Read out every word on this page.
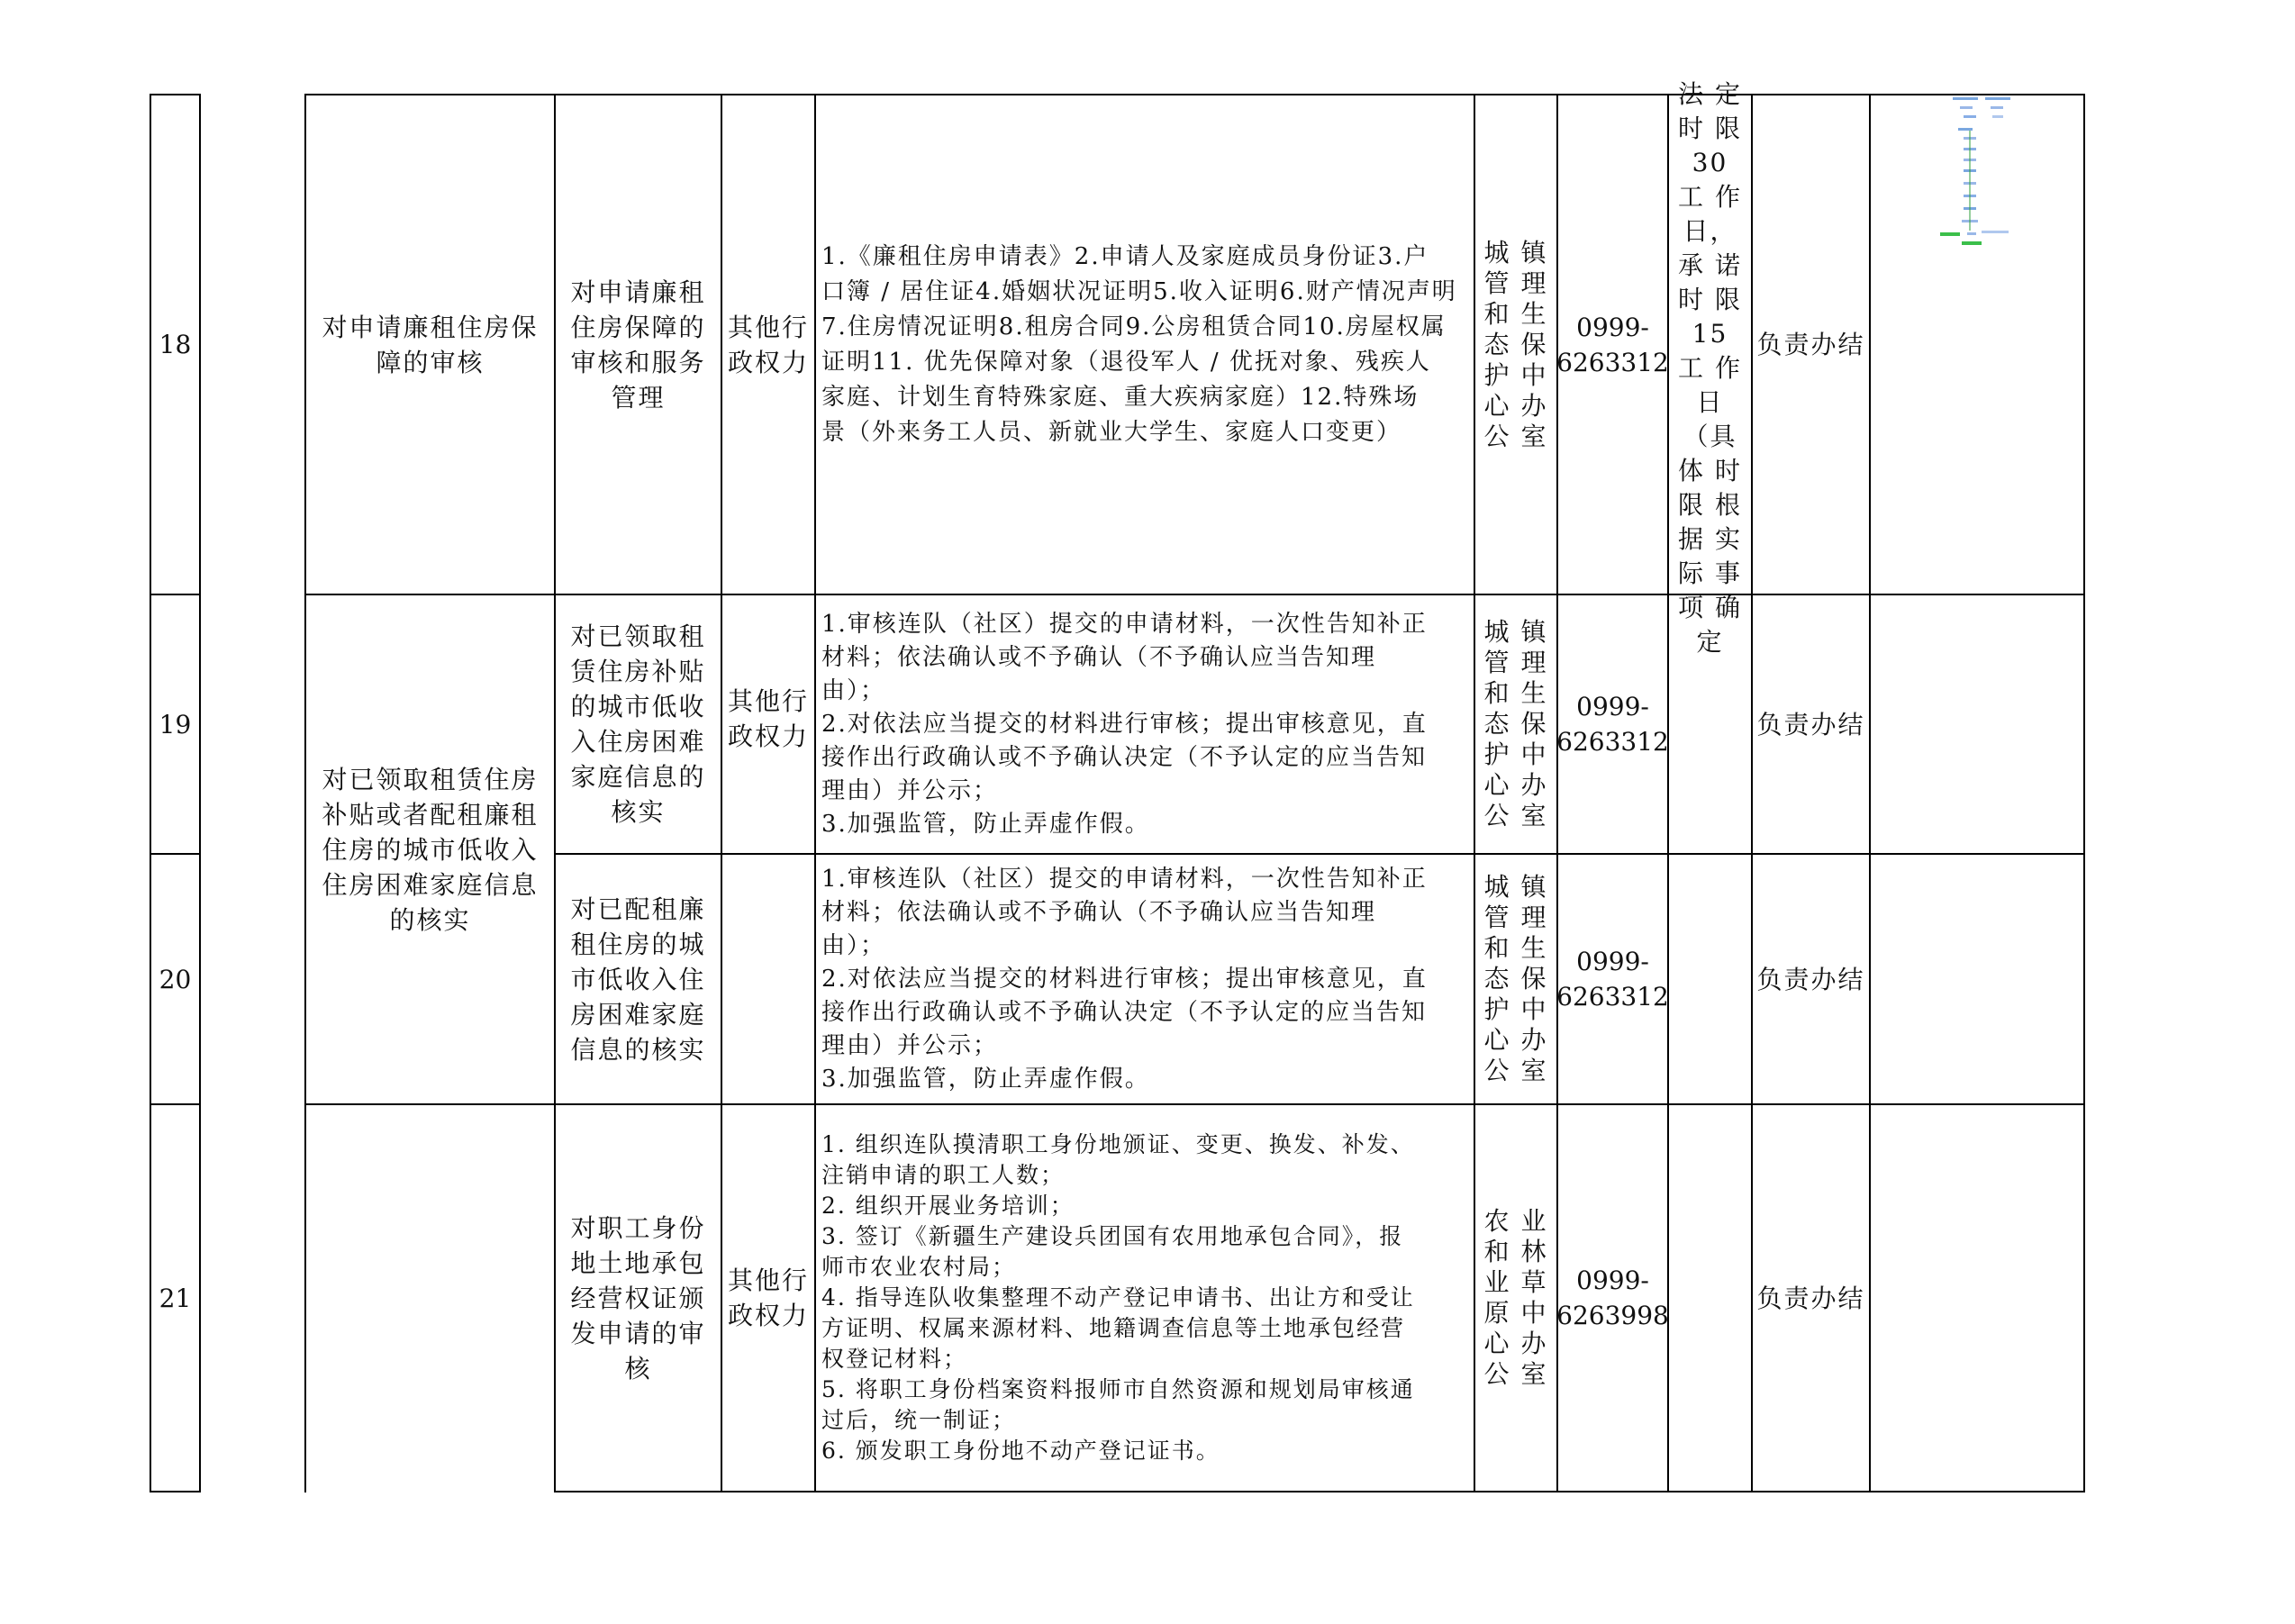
18
对申请廉租住房保
障的审核
对申请廉租
住房保障的
审核和服务
管理
其他行
政权力
1.《廉租住房申请表》2.申请人及家庭成员身份证3.户
口簿 / 居住证4.婚姻状况证明5.收入证明6.财产情况声明
7.住房情况证明8.租房合同9.公房租赁合同10.房屋权属
证明11. 优先保障对象（退役军人 / 优抚对象、残疾人
家庭、计划生育特殊家庭、重大疾病家庭）12.特殊场
景（外来务工人员、新就业大学生、家庭人口变更）
城 镇 管 理 和 生 态 保 护 中 心 办 公 室
0999-
6263312
法 定 时 限 30 工 作 日， 承 诺 时 限 15 工 作 日 （具 体 时 限 根 据 实 际 事 项 确 定
负责办结
19
对已领取租赁住房
补贴或者配租廉租
住房的城市低收入
住房困难家庭信息
的核实
对已领取租
赁住房补贴
的城市低收
入住房困难
家庭信息的
核实
其他行
政权力
1.审核连队（社区）提交的申请材料，一次性告知补正
材料；依法确认或不予确认（不予确认应当告知理
由）；
2.对依法应当提交的材料进行审核；提出审核意见，直
接作出行政确认或不予确认决定（不予认定的应当告知
理由）并公示；
3.加强监管，防止弄虚作假。
城 镇 管 理 和 生 态 保 护 中 心 办 公 室
0999-
6263312
负责办结
20
对已配租廉
租住房的城
市低收入住
房困难家庭
信息的核实
1.审核连队（社区）提交的申请材料，一次性告知补正
材料；依法确认或不予确认（不予确认应当告知理
由）；
2.对依法应当提交的材料进行审核；提出审核意见，直
接作出行政确认或不予确认决定（不予认定的应当告知
理由）并公示；
3.加强监管，防止弄虚作假。
城 镇 管 理 和 生 态 保 护 中 心 办 公 室
0999-
6263312
负责办结
21
对职工身份
地土地承包
经营权证颁
发申请的审
核
其他行
政权力
1. 组织连队摸清职工身份地颁证、变更、换发、补发、
注销申请的职工人数；
2. 组织开展业务培训；
3. 签订《新疆生产建设兵团国有农用地承包合同》，报
师市农业农村局；
4. 指导连队收集整理不动产登记申请书、出让方和受让
方证明、权属来源材料、地籍调查信息等土地承包经营
权登记材料；
5. 将职工身份档案资料报师市自然资源和规划局审核通
过后，统一制证；
6. 颁发职工身份地不动产登记证书。
农 业 和 林 业 草 原 中 心 办 公 室
0999-
6263998
负责办结
